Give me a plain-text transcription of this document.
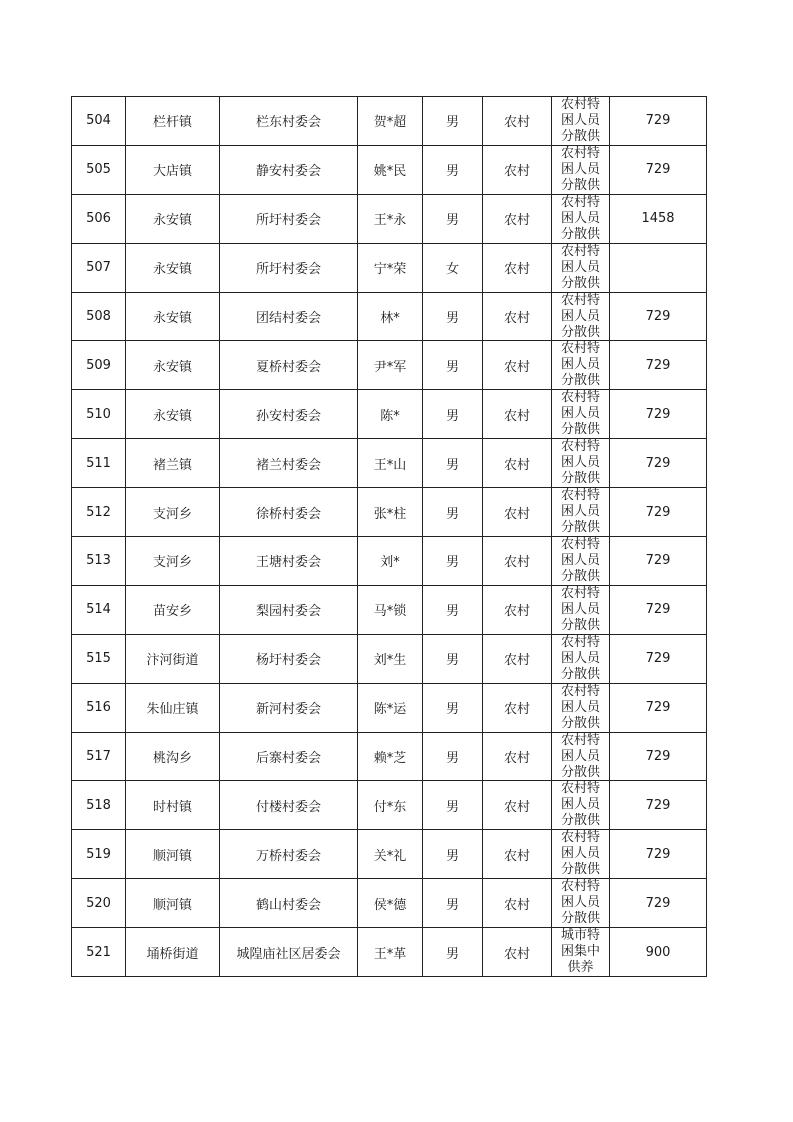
504	栏杆镇	栏东村委会	贺*超	男	农村	农村特
困人员
分散供	729
505	大店镇	静安村委会	姚*民	男	农村	农村特
困人员
分散供	729
506	永安镇	所圩村委会	王*永	男	农村	农村特
困人员
分散供	1458
507	永安镇	所圩村委会	宁*荣	女	农村	农村特
困人员
分散供	

508	永安镇	团结村委会	林*	男	农村	农村特
困人员
分散供	729
509	永安镇	夏桥村委会	尹*军	男	农村	农村特
困人员
分散供	729
510	永安镇	孙安村委会	陈*	男	农村	农村特
困人员
分散供	729
511	褚兰镇	褚兰村委会	王*山	男	农村	农村特
困人员
分散供	729
512	支河乡	徐桥村委会	张*柱	男	农村	农村特
困人员
分散供	729
513	支河乡	王塘村委会	刘*	男	农村	农村特
困人员
分散供	729
514	苗安乡	梨园村委会	马*锁	男	农村	农村特
困人员
分散供	729
515	汴河街道	杨圩村委会	刘*生	男	农村	农村特
困人员
分散供	729
516	朱仙庄镇	新河村委会	陈*运	男	农村	农村特
困人员
分散供	729
517	桃沟乡	后寨村委会	赖*芝	男	农村	农村特
困人员
分散供	729
518	时村镇	付楼村委会	付*东	男	农村	农村特
困人员
分散供	729
519	顺河镇	万桥村委会	关*礼	男	农村	农村特
困人员
分散供	729
520	顺河镇	鹤山村委会	侯*德	男	农村	农村特
困人员
分散供	729
521	埇桥街道	城隍庙社区居委会	王*革	男	农村	城市特
困集中
供养	900
